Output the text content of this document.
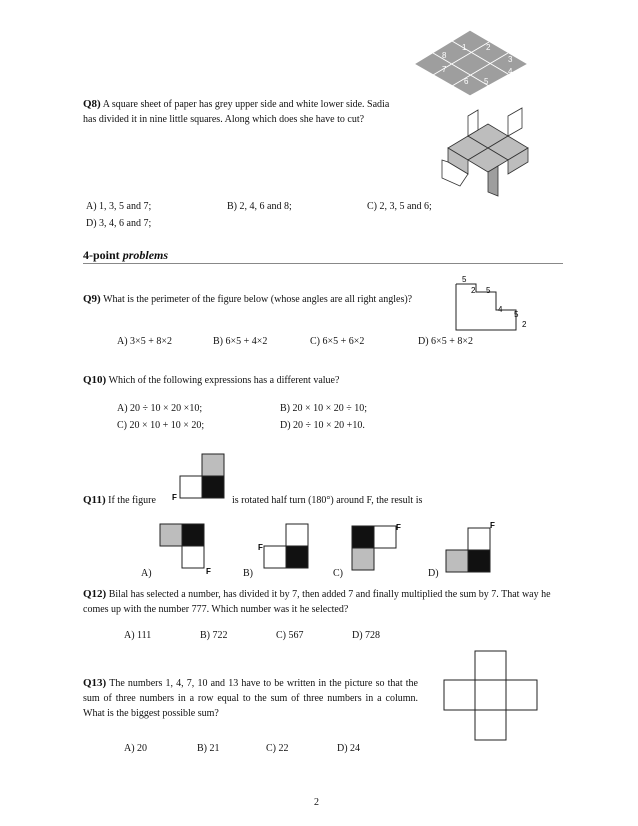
1 2
3
4
5
6
7
8
Q8) A square sheet of paper has grey upper side and white lower side. Sadia has divided it in nine little squares. Along which does she have to cut?
A) 1, 3, 5 and 7;	B) 2, 4, 6 and 8;	C) 2, 3, 5 and 6;
D) 3, 4, 6 and 7;
4-point problems
5
2 5
4
5
2
Q9) What is the perimeter of the figure below (whose angles are all right angles)?
A) 3×5 + 8×2	B) 6×5 + 4×2	C) 6×5 + 6×2	D) 6×5 + 8×2
Q10) Which of the following expressions has a different value?
A) 20 ÷ 10 × 20 ×10;	B) 20 × 10 × 20 ÷ 10;
C) 20 × 10 + 10 × 20;	D) 20 ÷ 10 × 20 +10.
Q11) If the figure F	is rotated half turn (180°) around F, the result is
F
F
F	F
A)	B)	C)	D)
Q12) Bilal has selected a number, has divided it by 7, then added 7 and finally multiplied the sum by 7. That way he comes up with the number 777. Which number was it he selected?
A) 111	B) 722	C) 567	D) 728
Q13) The numbers 1, 4, 7, 10 and 13 have to be written in the picture so that the sum of three numbers in a row equal to the sum of three numbers in a column. What is the biggest possible sum?
A) 20	B) 21	C) 22	D) 24
2
